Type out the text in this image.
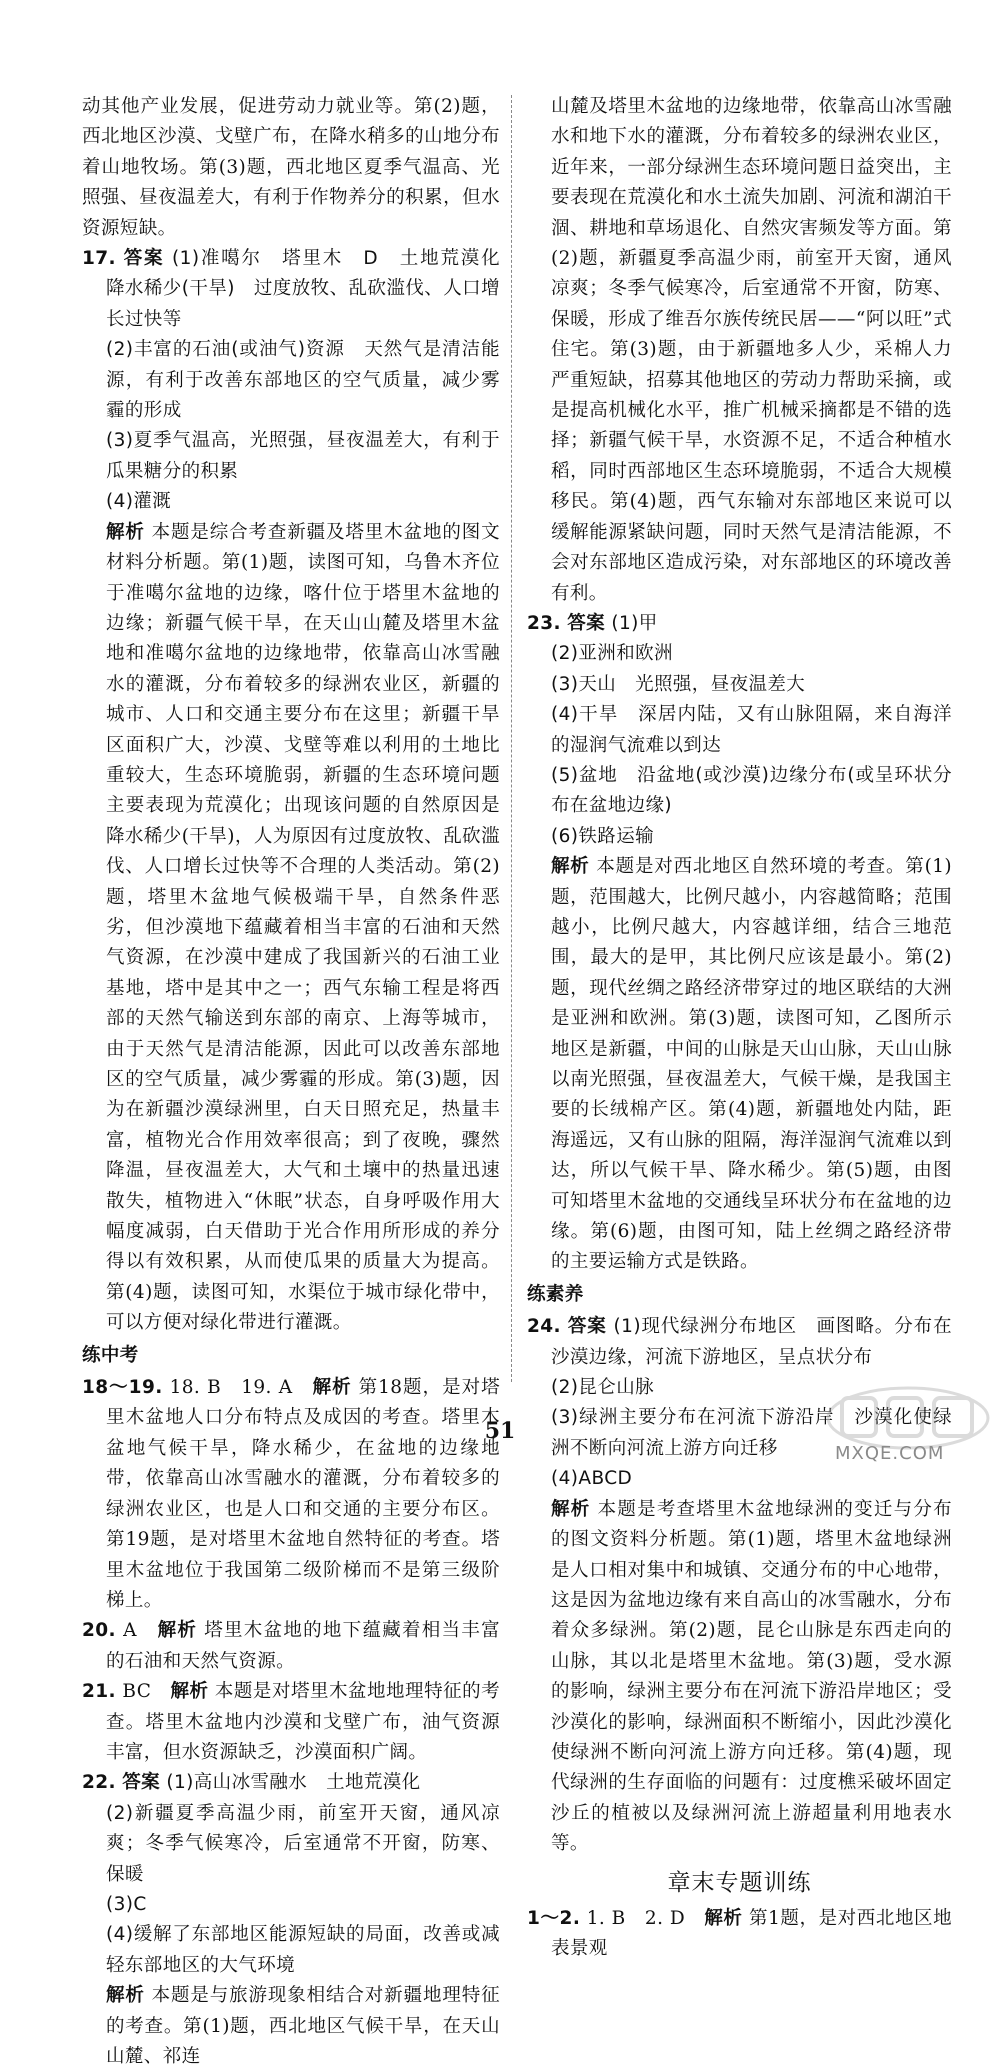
动其他产业发展，促进劳动力就业等。第(2)题，西北地区沙漠、戈壁广布，在降水稍多的山地分布着山地牧场。第(3)题，西北地区夏季气温高、光照强、昼夜温差大，有利于作物养分的积累，但水资源短缺。

17. 答案 (1)准噶尔　塔里木　D　土地荒漠化　降水稀少(干旱)　过度放牧、乱砍滥伐、人口增长过快等

(2)丰富的石油(或油气)资源　天然气是清洁能源，有利于改善东部地区的空气质量，减少雾霾的形成

(3)夏季气温高，光照强，昼夜温差大，有利于瓜果糖分的积累

(4)灌溉

解析 本题是综合考查新疆及塔里木盆地的图文材料分析题。第(1)题，读图可知，乌鲁木齐位于准噶尔盆地的边缘，喀什位于塔里木盆地的边缘；新疆气候干旱，在天山山麓及塔里木盆地和准噶尔盆地的边缘地带，依靠高山冰雪融水的灌溉，分布着较多的绿洲农业区，新疆的城市、人口和交通主要分布在这里；新疆干旱区面积广大，沙漠、戈壁等难以利用的土地比重较大，生态环境脆弱，新疆的生态环境问题主要表现为荒漠化；出现该问题的自然原因是降水稀少(干旱)，人为原因有过度放牧、乱砍滥伐、人口增长过快等不合理的人类活动。第(2)题，塔里木盆地气候极端干旱，自然条件恶劣，但沙漠地下蕴藏着相当丰富的石油和天然气资源，在沙漠中建成了我国新兴的石油工业基地，塔中是其中之一；西气东输工程是将西部的天然气输送到东部的南京、上海等城市，由于天然气是清洁能源，因此可以改善东部地区的空气质量，减少雾霾的形成。第(3)题，因为在新疆沙漠绿洲里，白天日照充足，热量丰富，植物光合作用效率很高；到了夜晚，骤然降温，昼夜温差大，大气和土壤中的热量迅速散失，植物进入“休眠”状态，自身呼吸作用大幅度减弱，白天借助于光合作用所形成的养分得以有效积累，从而使瓜果的质量大为提高。第(4)题，读图可知，水渠位于城市绿化带中，可以方便对绿化带进行灌溉。

练中考

18～19. 18. B　19. A　 解析 第18题，是对塔里木盆地人口分布特点及成因的考查。塔里木盆地气候干旱，降水稀少，在盆地的边缘地带，依靠高山冰雪融水的灌溉，分布着较多的绿洲农业区，也是人口和交通的主要分布区。第19题，是对塔里木盆地自然特征的考查。塔里木盆地位于我国第二级阶梯而不是第三级阶梯上。

20. A　 解析 塔里木盆地的地下蕴藏着相当丰富的石油和天然气资源。

21. BC　 解析 本题是对塔里木盆地地理特征的考查。塔里木盆地内沙漠和戈壁广布，油气资源丰富，但水资源缺乏，沙漠面积广阔。

22. 答案 (1)高山冰雪融水　土地荒漠化

(2)新疆夏季高温少雨，前室开天窗，通风凉爽；冬季气候寒冷，后室通常不开窗，防寒、保暖

(3)C

(4)缓解了东部地区能源短缺的局面，改善或减轻东部地区的大气环境

解析 本题是与旅游现象相结合对新疆地理特征的考查。第(1)题，西北地区气候干旱，在天山山麓、祁连

山麓及塔里木盆地的边缘地带，依靠高山冰雪融水和地下水的灌溉，分布着较多的绿洲农业区，近年来，一部分绿洲生态环境问题日益突出，主要表现在荒漠化和水土流失加剧、河流和湖泊干涸、耕地和草场退化、自然灾害频发等方面。第(2)题，新疆夏季高温少雨，前室开天窗，通风凉爽；冬季气候寒冷，后室通常不开窗，防寒、保暖，形成了维吾尔族传统民居——“阿以旺”式住宅。第(3)题，由于新疆地多人少，采棉人力严重短缺，招募其他地区的劳动力帮助采摘，或是提高机械化水平，推广机械采摘都是不错的选择；新疆气候干旱，水资源不足，不适合种植水稻，同时西部地区生态环境脆弱，不适合大规模移民。第(4)题，西气东输对东部地区来说可以缓解能源紧缺问题，同时天然气是清洁能源，不会对东部地区造成污染，对东部地区的环境改善有利。

23. 答案 (1)甲

(2)亚洲和欧洲

(3)天山　光照强，昼夜温差大

(4)干旱　深居内陆，又有山脉阻隔，来自海洋的湿润气流难以到达

(5)盆地　沿盆地(或沙漠)边缘分布(或呈环状分布在盆地边缘)

(6)铁路运输

解析 本题是对西北地区自然环境的考查。第(1)题，范围越大，比例尺越小，内容越简略；范围越小，比例尺越大，内容越详细，结合三地范围，最大的是甲，其比例尺应该是最小。第(2)题，现代丝绸之路经济带穿过的地区联结的大洲是亚洲和欧洲。第(3)题，读图可知，乙图所示地区是新疆，中间的山脉是天山山脉，天山山脉以南光照强，昼夜温差大，气候干燥，是我国主要的长绒棉产区。第(4)题，新疆地处内陆，距海遥远，又有山脉的阻隔，海洋湿润气流难以到达，所以气候干旱、降水稀少。第(5)题，由图可知塔里木盆地的交通线呈环状分布在盆地的边缘。第(6)题，由图可知，陆上丝绸之路经济带的主要运输方式是铁路。

练素养

24. 答案 (1)现代绿洲分布地区　画图略。分布在沙漠边缘，河流下游地区，呈点状分布

(2)昆仑山脉

(3)绿洲主要分布在河流下游沿岸　沙漠化使绿洲不断向河流上游方向迁移

(4)ABCD

解析 本题是考查塔里木盆地绿洲的变迁与分布的图文资料分析题。第(1)题，塔里木盆地绿洲是人口相对集中和城镇、交通分布的中心地带，这是因为盆地边缘有来自高山的冰雪融水，分布着众多绿洲。第(2)题，昆仑山脉是东西走向的山脉，其以北是塔里木盆地。第(3)题，受水源的影响，绿洲主要分布在河流下游沿岸地区；受沙漠化的影响，绿洲面积不断缩小，因此沙漠化使绿洲不断向河流上游方向迁移。第(4)题，现代绿洲的生存面临的问题有：过度樵采破坏固定沙丘的植被以及绿洲河流上游超量利用地表水等。

章末专题训练

1～2. 1. B　2. D　 解析 第1题，是对西北地区地表景观

51
MXQE.COM
